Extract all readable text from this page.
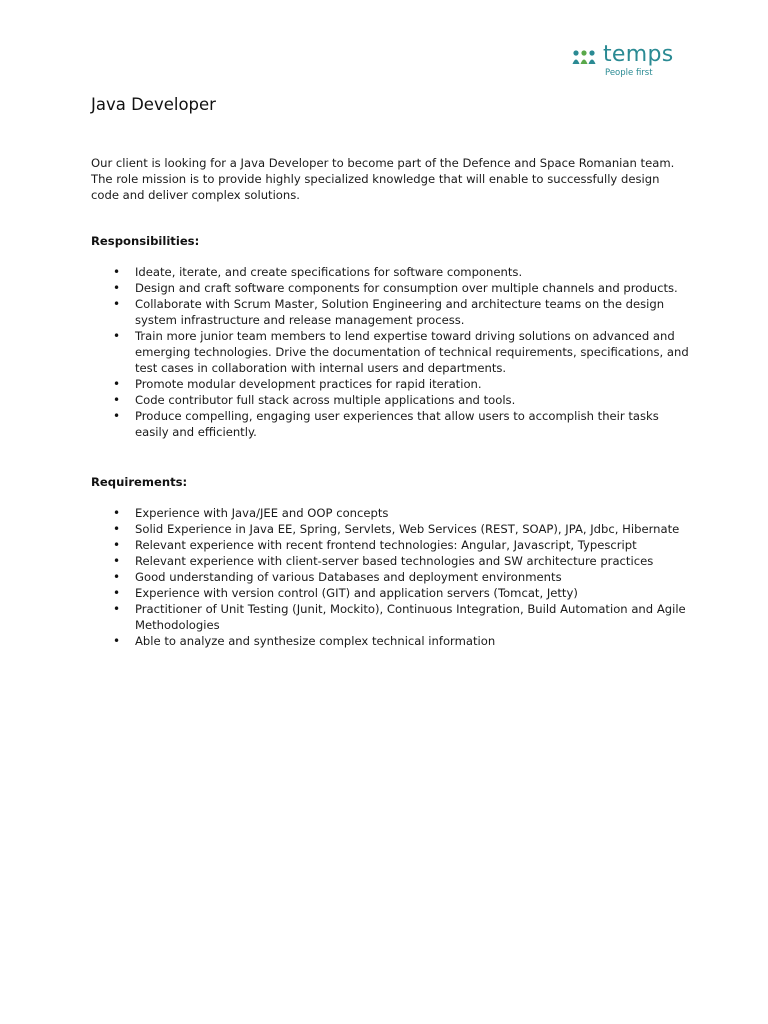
temps
People first
Java Developer

Our client is looking for a Java Developer to become part of the Defence and Space Romanian team. The role mission is to provide highly specialized knowledge that will enable to successfully design code and deliver complex solutions.

Responsibilities:

• Ideate, iterate, and create specifications for software components.
• Design and craft software components for consumption over multiple channels and products.
• Collaborate with Scrum Master, Solution Engineering and architecture teams on the design system infrastructure and release management process.
• Train more junior team members to lend expertise toward driving solutions on advanced and emerging technologies. Drive the documentation of technical requirements, specifications, and test cases in collaboration with internal users and departments.
• Promote modular development practices for rapid iteration.
• Code contributor full stack across multiple applications and tools.
• Produce compelling, engaging user experiences that allow users to accomplish their tasks easily and efficiently.

Requirements:

• Experience with Java/JEE and OOP concepts
• Solid Experience in Java EE, Spring, Servlets, Web Services (REST, SOAP), JPA, Jdbc, Hibernate
• Relevant experience with recent frontend technologies: Angular, Javascript, Typescript
• Relevant experience with client-server based technologies and SW architecture practices
• Good understanding of various Databases and deployment environments
• Experience with version control (GIT) and application servers (Tomcat, Jetty)
• Practitioner of Unit Testing (Junit, Mockito), Continuous Integration, Build Automation and Agile Methodologies
• Able to analyze and synthesize complex technical information
